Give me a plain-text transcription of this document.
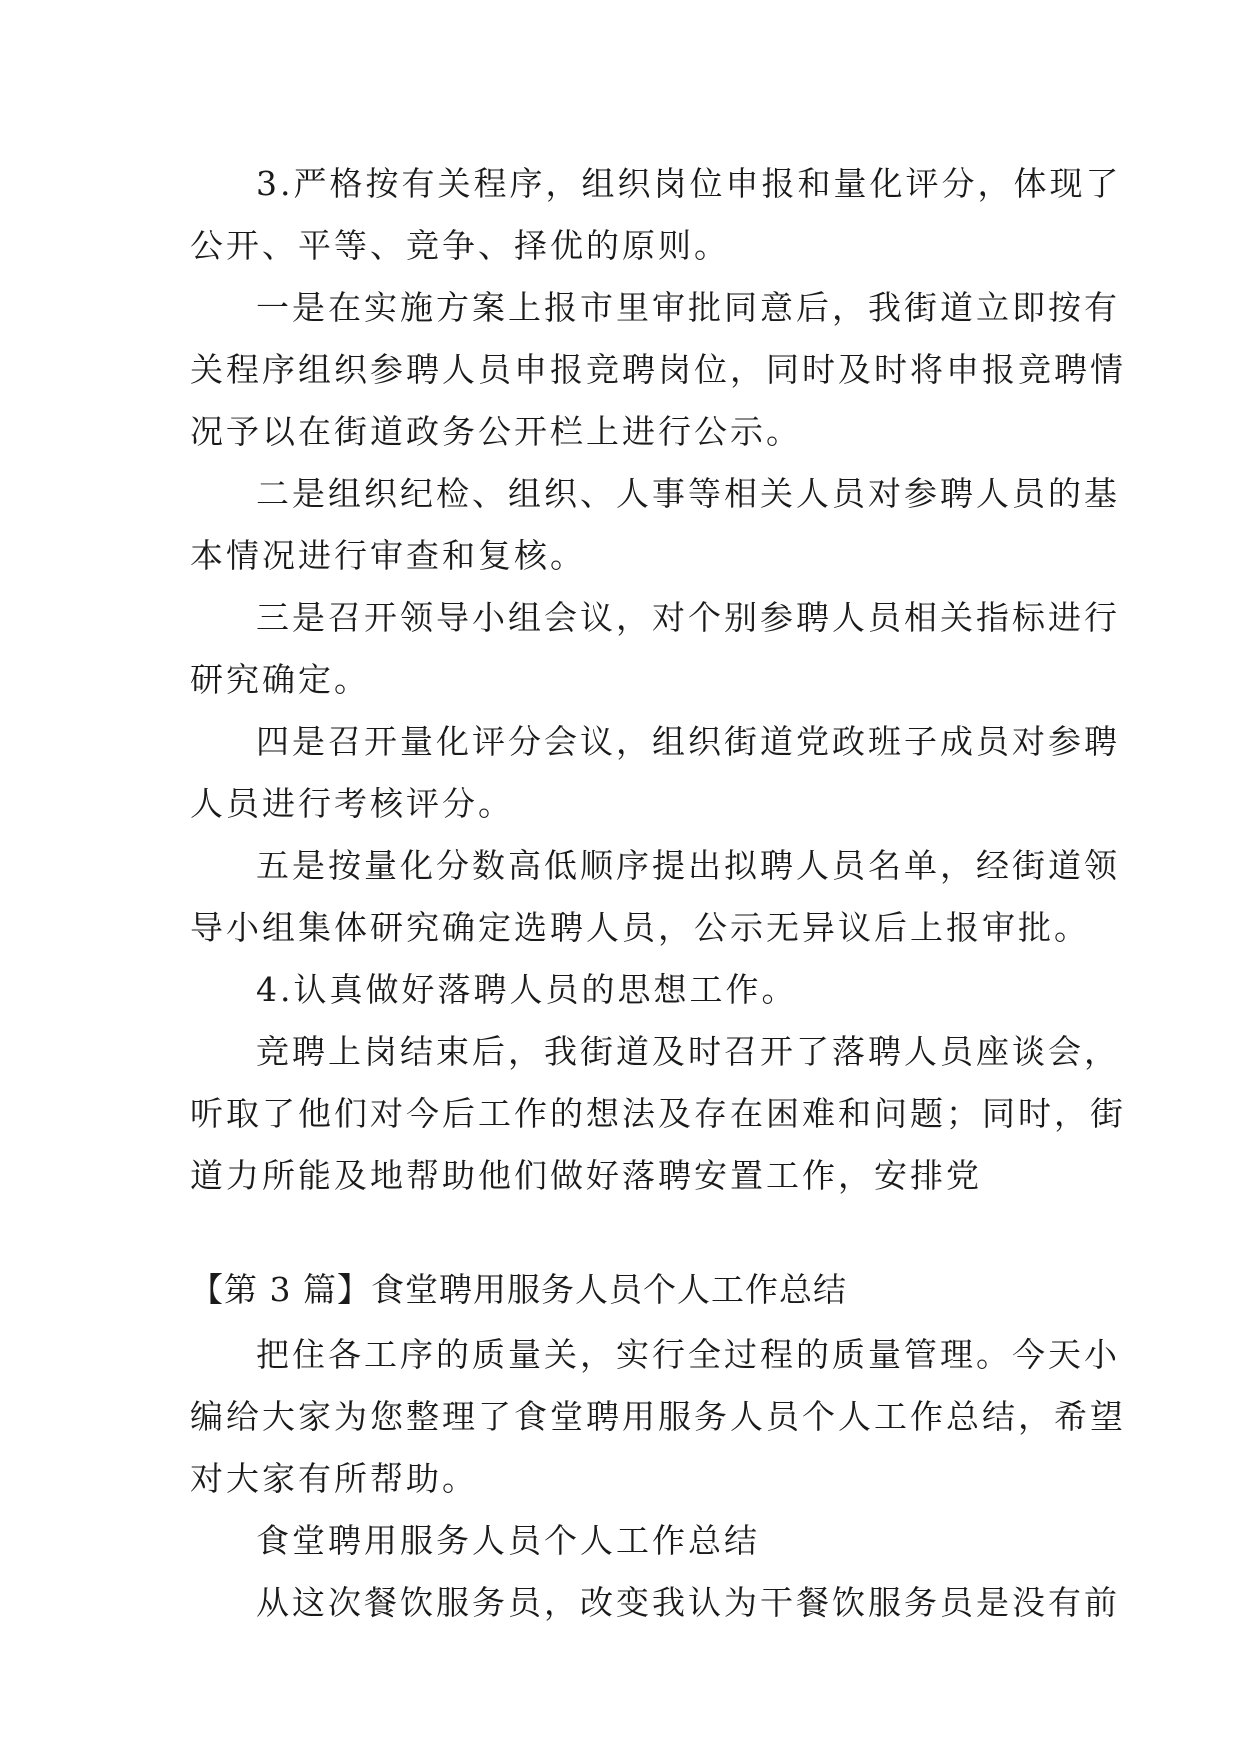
3.严格按有关程序，组织岗位申报和量化评分，体现了

公开、平等、竞争、择优的原则。

一是在实施方案上报市里审批同意后，我街道立即按有

关程序组织参聘人员申报竞聘岗位，同时及时将申报竞聘情

况予以在街道政务公开栏上进行公示。

二是组织纪检、组织、人事等相关人员对参聘人员的基

本情况进行审查和复核。

三是召开领导小组会议，对个别参聘人员相关指标进行

研究确定。

四是召开量化评分会议，组织街道党政班子成员对参聘

人员进行考核评分。

五是按量化分数高低顺序提出拟聘人员名单，经街道领

导小组集体研究确定选聘人员，公示无异议后上报审批。

4.认真做好落聘人员的思想工作。

竞聘上岗结束后，我街道及时召开了落聘人员座谈会，

听取了他们对今后工作的想法及存在困难和问题；同时，街

道力所能及地帮助他们做好落聘安置工作，安排党

【第 3 篇】食堂聘用服务人员个人工作总结

把住各工序的质量关，实行全过程的质量管理。今天小

编给大家为您整理了食堂聘用服务人员个人工作总结，希望

对大家有所帮助。

食堂聘用服务人员个人工作总结

从这次餐饮服务员，改变我认为干餐饮服务员是没有前
